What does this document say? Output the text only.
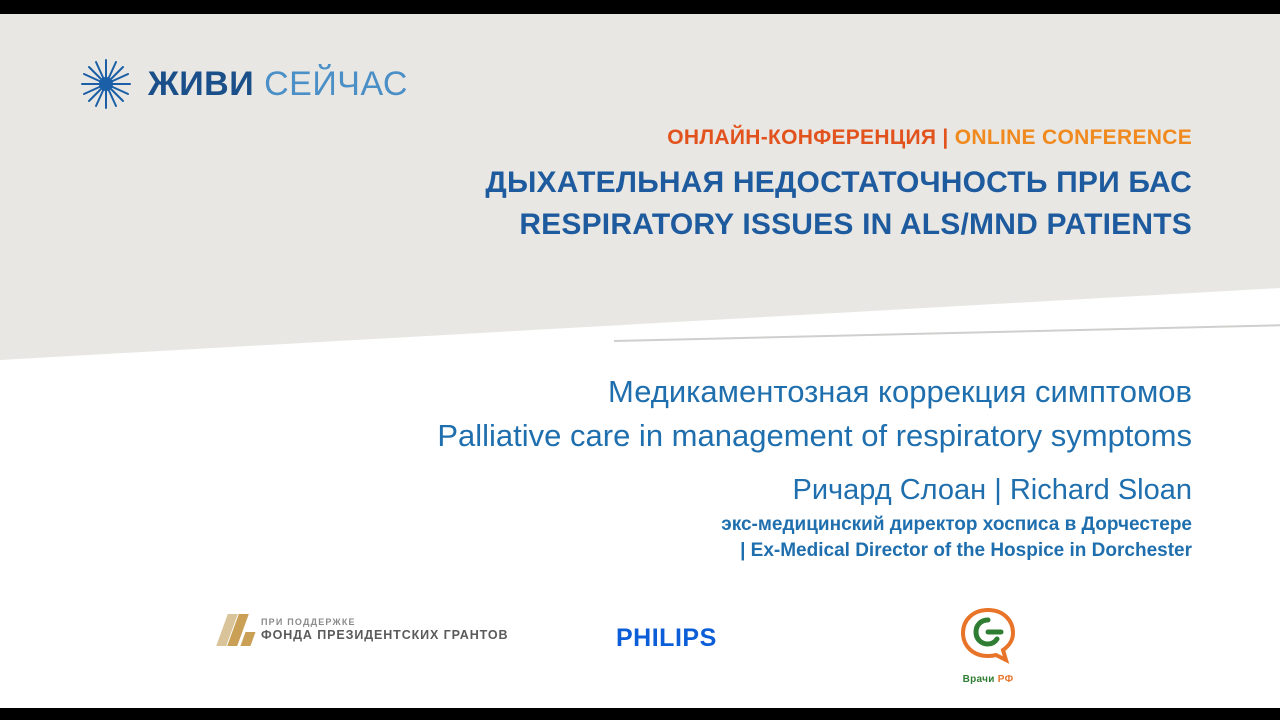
ЖИВИ СЕЙЧАС
ОНЛАЙН-КОНФЕРЕНЦИЯ | ONLINE CONFERENCE
ДЫХАТЕЛЬНАЯ НЕДОСТАТОЧНОСТЬ ПРИ БАС
RESPIRATORY ISSUES IN ALS/MND PATIENTS
Медикаментозная коррекция симптомов
Palliative care in management of respiratory symptoms
Ричард Слоан | Richard Sloan
экс-медицинский директор хосписа в Дорчестере
| Ex-Medical Director of the Hospice in Dorchester
ПРИ ПОДДЕРЖКЕ
ФОНДА ПРЕЗИДЕНТСКИХ ГРАНТОВ	PHILIPS
Врачи РФ
